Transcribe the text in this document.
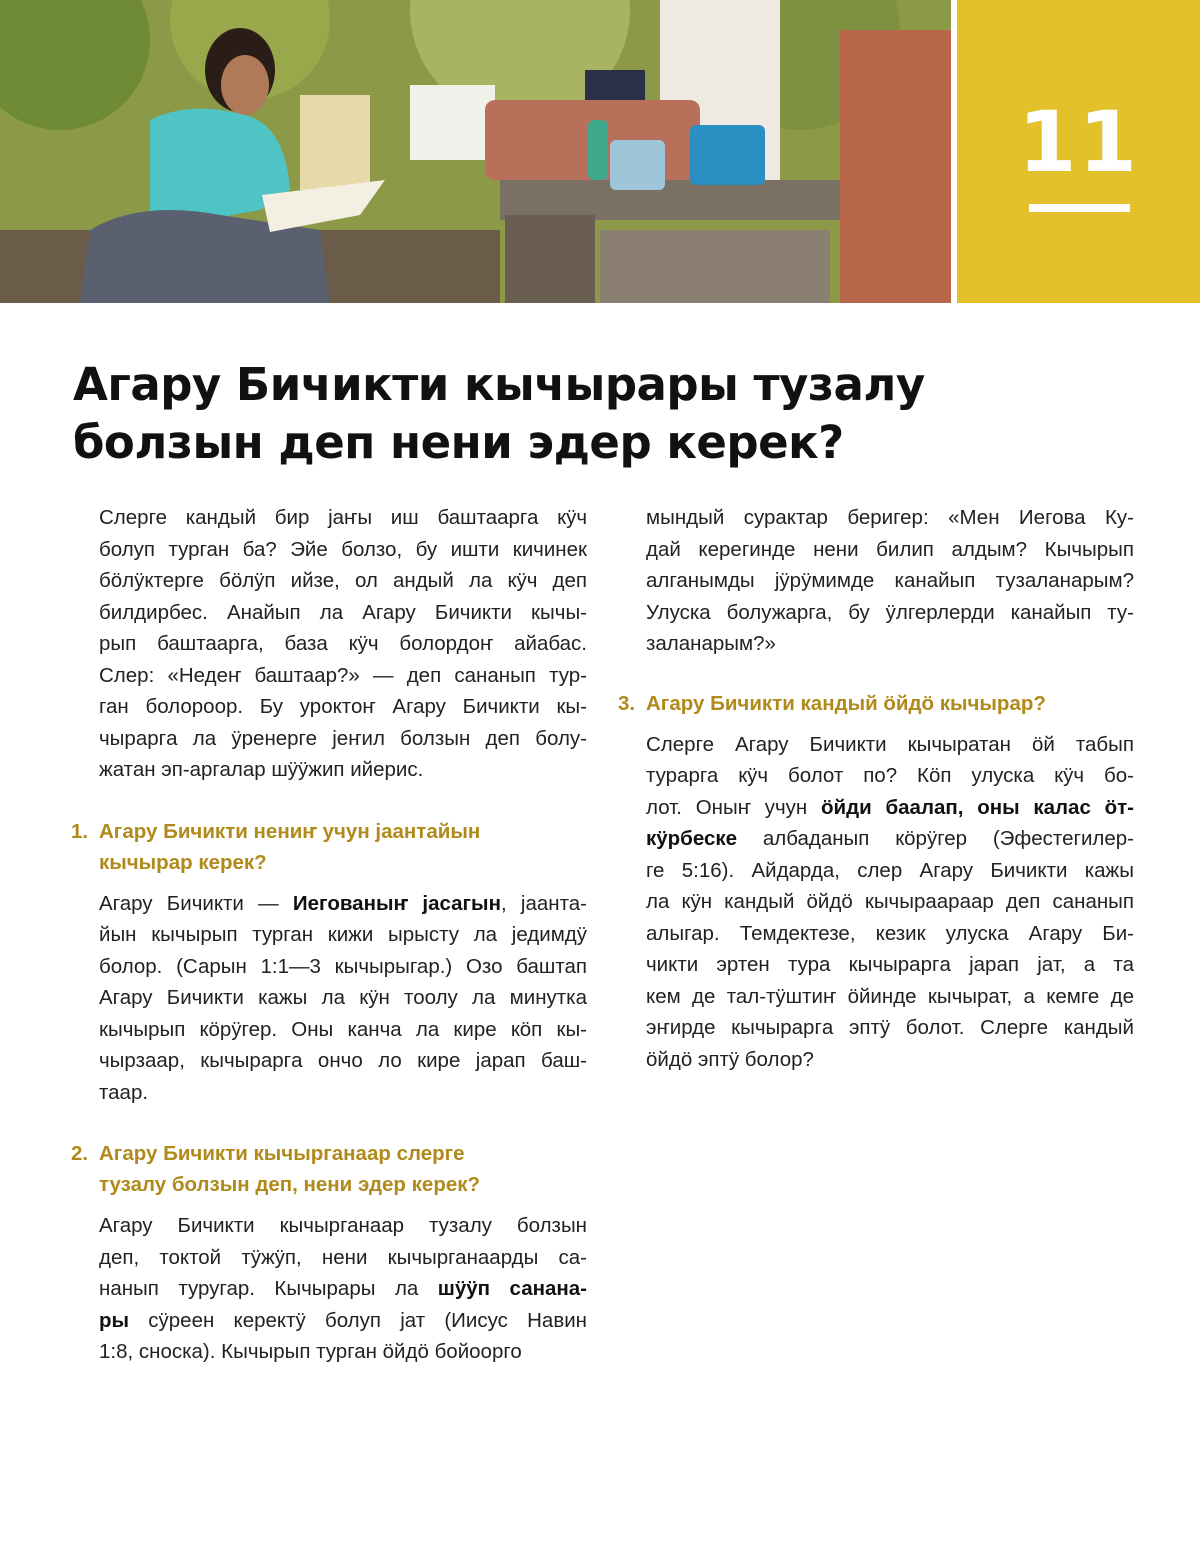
11
Агару Бичикти кычырары тузалу
болзын деп нени эдер керек?

Слерге кандый бир јаҥы иш баштаарга кӱч
болуп турган ба? Эйе болзо, бу ишти кичинек
бӧлӱктерге бӧлӱп ийзе, ол андый ла кӱч деп
билдирбес. Анайып ла Агару Бичикти кычы-
рып баштаарга, база кӱч болордоҥ айабас.
Слер: «Недеҥ баштаар?» — деп сананып тур-
ган болороор. Бу уроктоҥ Агару Бичикти кы-
чыраргa ла ӱренерге јеҥил болзын деп болу-
жатан эп-аргалар шӱӱжип ийерис.

1. Агару Бичикти нениҥ учун јаантайын
кычырар керек?

Агару Бичикти — Иегованыҥ јасагын, јаанта-
йын кычырып турган кижи ырысту ла једимдӱ
болор. (Сарын 1:1—3 кычырыгар.) Озо баштап
Агару Бичикти кажы ла кӱн тоолу ла минутка
кычырып кӧрӱгер. Оны канча ла кире кӧп кы-
чырзаар, кычыраргa ончо ло кире јарап баш-
таар.

2. Агару Бичикти кычырганаар слерге
тузалу болзын деп, нени эдер керек?

Агару Бичикти кычырганаар тузалу болзын
деп, токтой тӱжӱп, нени кычырганаарды са-
нанып туругар. Кычырары ла шӱӱп санана-
ры сӱреен керектӱ болуп јат (Иисус Навин
1:8, сноска). Кычырып турган ӧйдӧ бойоорго

мындый сурактар беригер: «Мен Иегова Ку-
дай керегинде нени билип алдым? Кычырып
алганымды јӱрӱмимде канайып тузаланарым?
Улуска болужарга, бу ӱлгерлерди канайып ту-
заланарым?»

3. Агару Бичикти кандый ӧйдӧ кычырар?

Слерге Агару Бичикти кычыратан ӧй табып
турарга кӱч болот по? Кӧп улуска кӱч бо-
лот. Оныҥ учун ӧйди баалап, оны калас ӧт-
кӱрбеске албаданып кӧрӱгер (Эфестегилер-
ге 5:16). Айдарда, слер Агару Бичикти кажы
ла кӱн кандый ӧйдӧ кычыраараар деп сананып
алыгар. Темдектезе, кезик улуска Агару Би-
чикти эртен тура кычыраргa јарап јат, а та
кем де тал-тӱштиҥ ӧйинде кычырат, а кемге де
эҥирде кычыраргa эптӱ болот. Слерге кандый
ӧйдӧ эптӱ болор?
